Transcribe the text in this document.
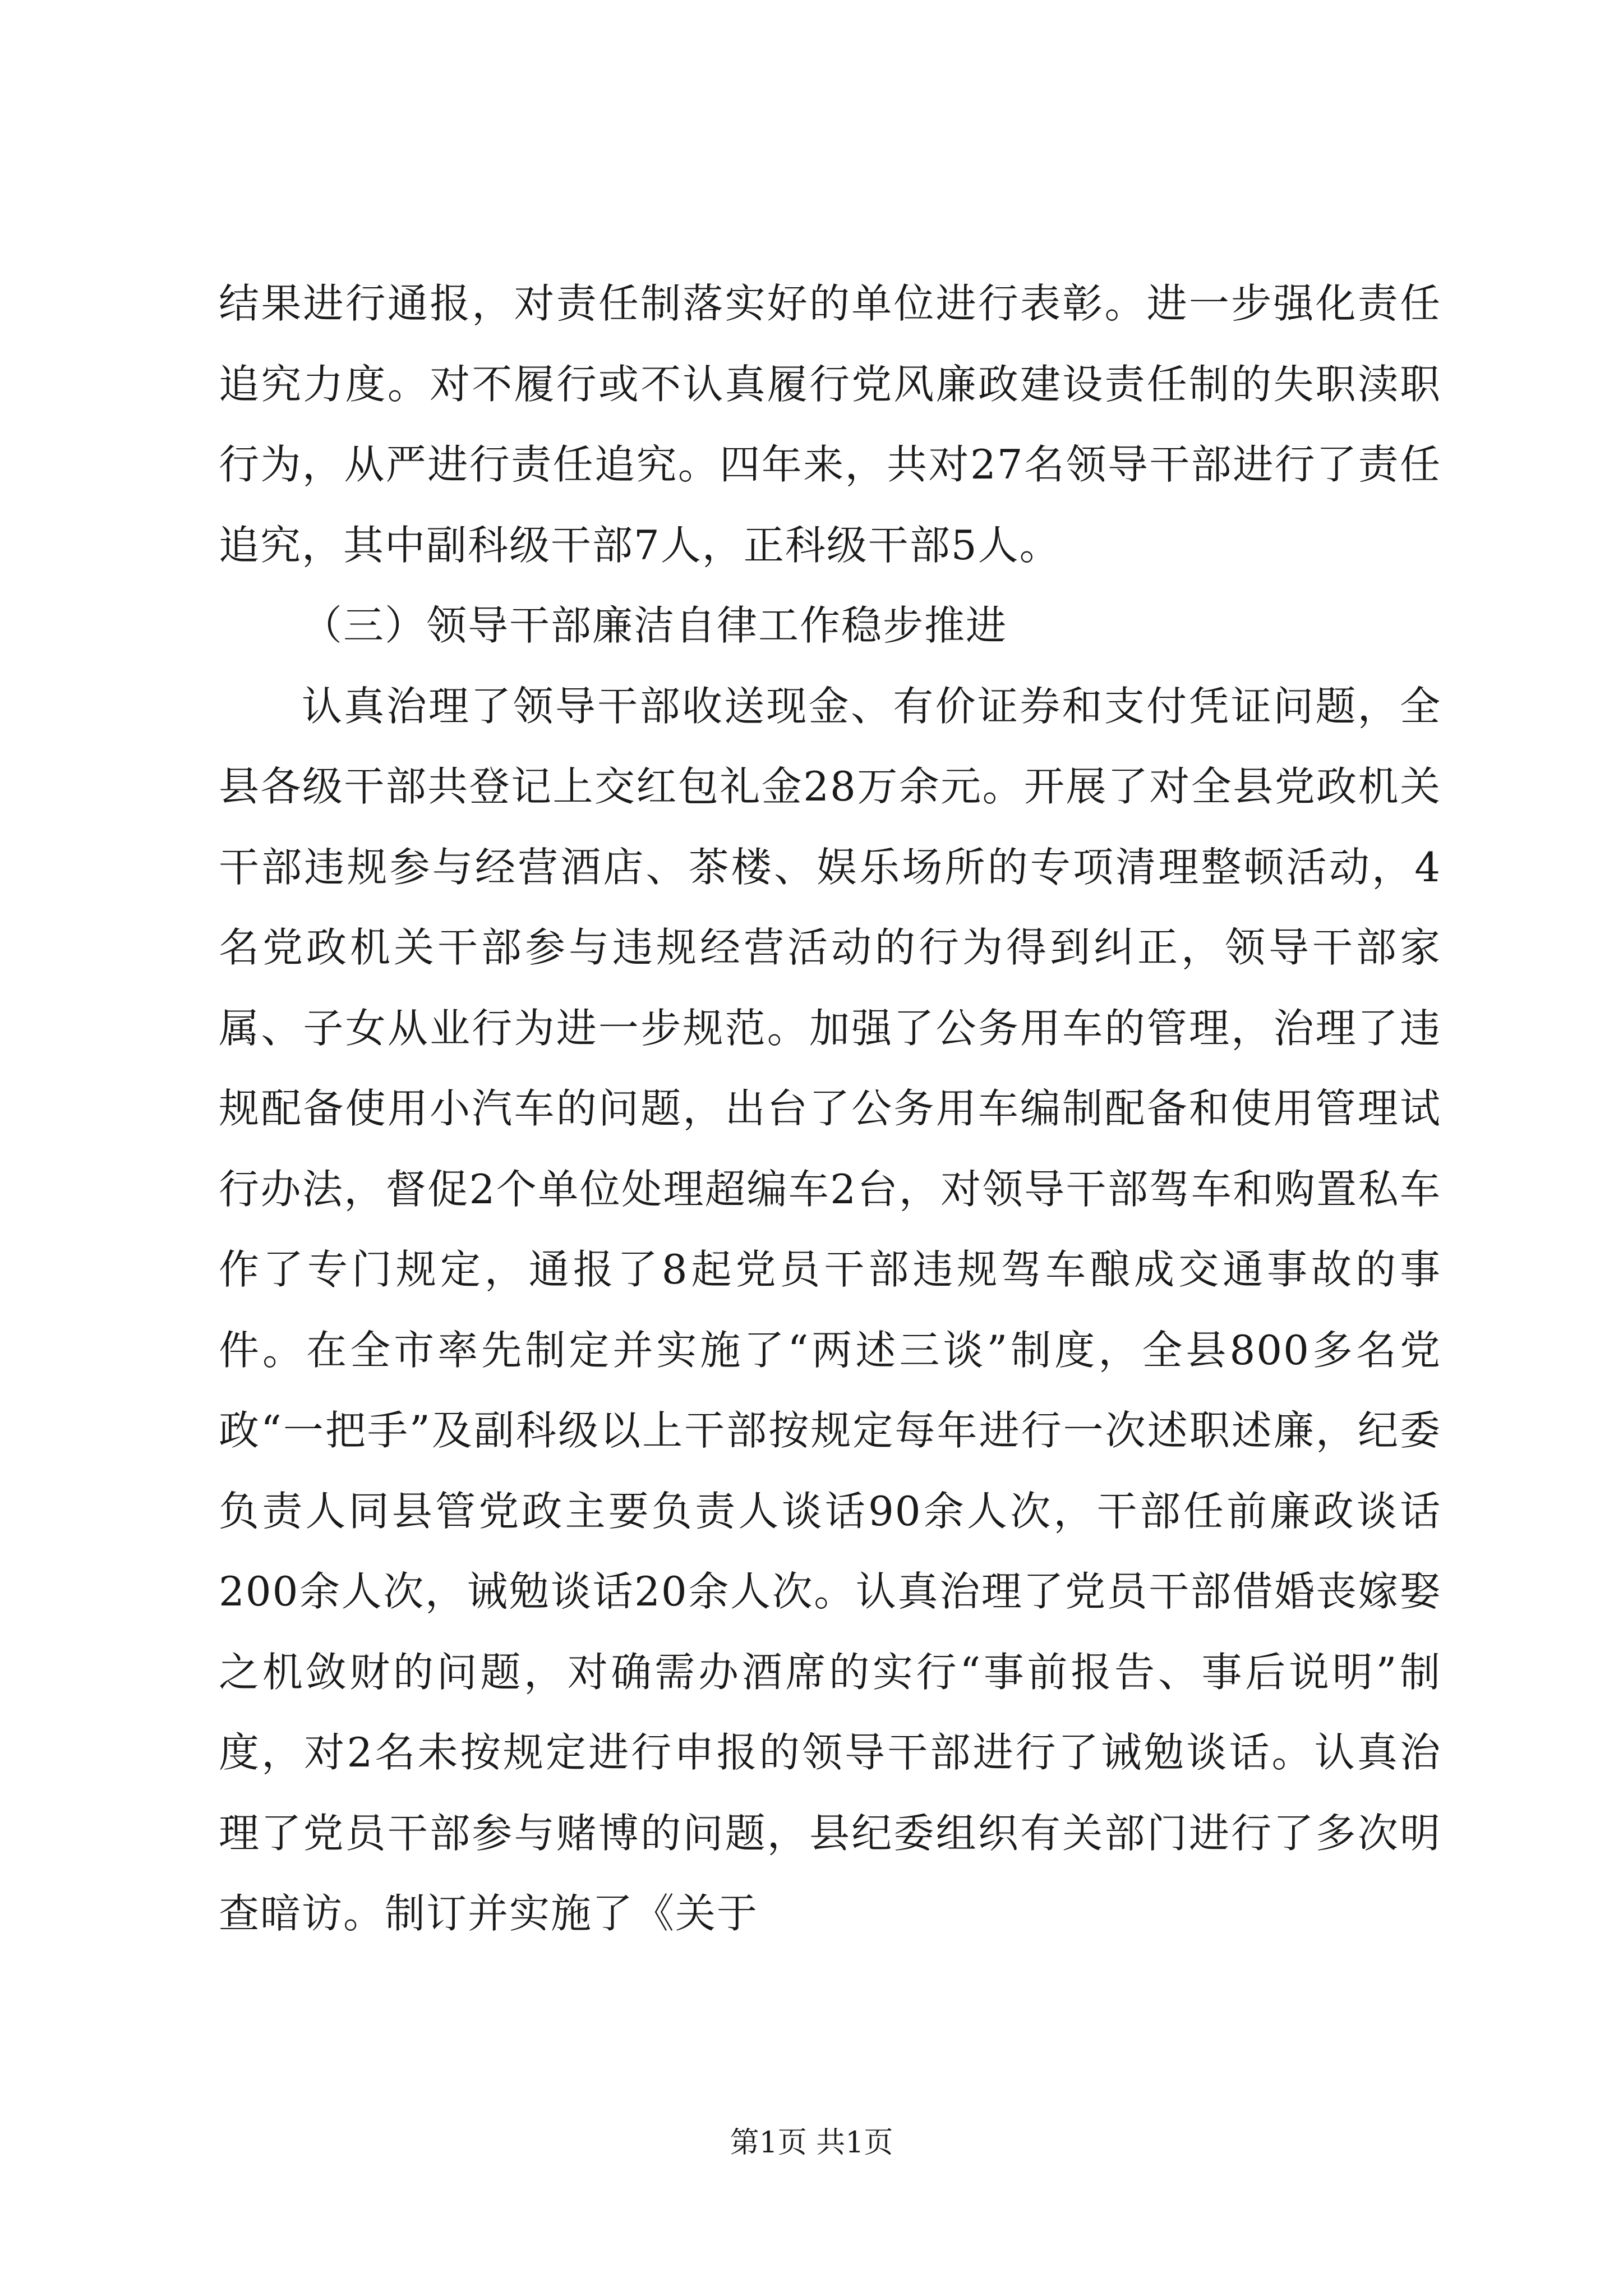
结果进行通报，对责任制落实好的单位进行表彰。进一步强化责任追究力度。对不履行或不认真履行党风廉政建设责任制的失职渎职行为，从严进行责任追究。四年来，共对27名领导干部进行了责任追究，其中副科级干部7人，正科级干部5人。

（三）领导干部廉洁自律工作稳步推进

认真治理了领导干部收送现金、有价证券和支付凭证问题，全县各级干部共登记上交红包礼金28万余元。开展了对全县党政机关干部违规参与经营酒店、茶楼、娱乐场所的专项清理整顿活动，4名党政机关干部参与违规经营活动的行为得到纠正，领导干部家属、子女从业行为进一步规范。加强了公务用车的管理，治理了违规配备使用小汽车的问题，出台了公务用车编制配备和使用管理试行办法，督促2个单位处理超编车2台，对领导干部驾车和购置私车作了专门规定，通报了8起党员干部违规驾车酿成交通事故的事件。在全市率先制定并实施了“两述三谈”制度，全县800多名党政“一把手”及副科级以上干部按规定每年进行一次述职述廉，纪委负责人同县管党政主要负责人谈话90余人次，干部任前廉政谈话200余人次，诫勉谈话20余人次。认真治理了党员干部借婚丧嫁娶之机敛财的问题，对确需办酒席的实行“事前报告、事后说明”制度，对2名未按规定进行申报的领导干部进行了诫勉谈话。认真治理了党员干部参与赌博的问题，县纪委组织有关部门进行了多次明查暗访。制订并实施了《关于

第1页 共1页
